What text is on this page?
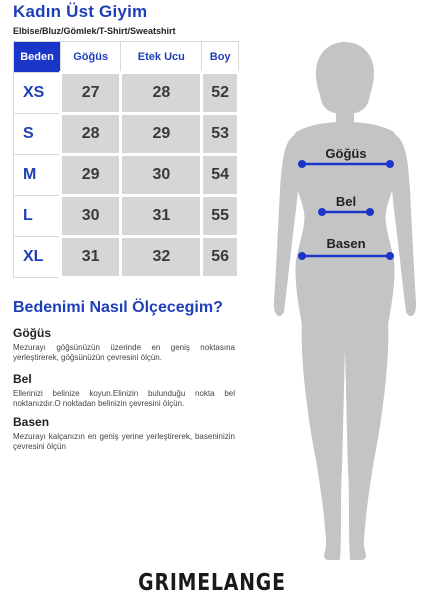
Kadın Üst Giyim
Elbise/Bluz/Gömlek/T-Shirt/Sweatshirt
Beden	Göğüs	Etek Ucu	Boy
XS	27	28	52
S	28	29	53
M	29	30	54
L	30	31	55
XL	31	32	56
Bedenimi Nasıl Ölçecegim?
Göğüs

Mezurayı göğsünüzün üzerinde en geniş noktasına yerleştirerek, göğsünüzün çevresini ölçün.

Bel

Ellerinizi belinize koyun.Elinizin bulunduğu nokta bel noktanızdır.O noktadan belinizin çevresini ölçün.

Basen

Mezurayı kalçanızın en geniş yerine yerleştirerek, baseninizin çevresini ölçün

Göğüs
Bel
Basen
GRIMELANGE
